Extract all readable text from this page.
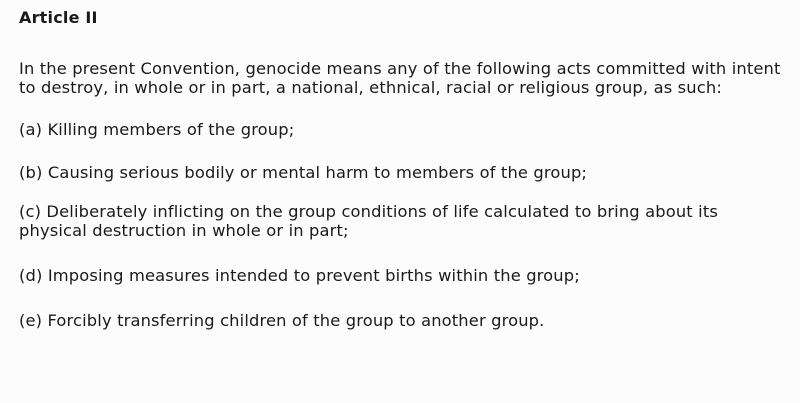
Article II

In the present Convention, genocide means any of the following acts committed with intent to destroy, in whole or in part, a national, ethnical, racial or religious group, as such:

(a) Killing members of the group;

(b) Causing serious bodily or mental harm to members of the group;

(c) Deliberately inflicting on the group conditions of life calculated to bring about its physical destruction in whole or in part;

(d) Imposing measures intended to prevent births within the group;

(e) Forcibly transferring children of the group to another group.
